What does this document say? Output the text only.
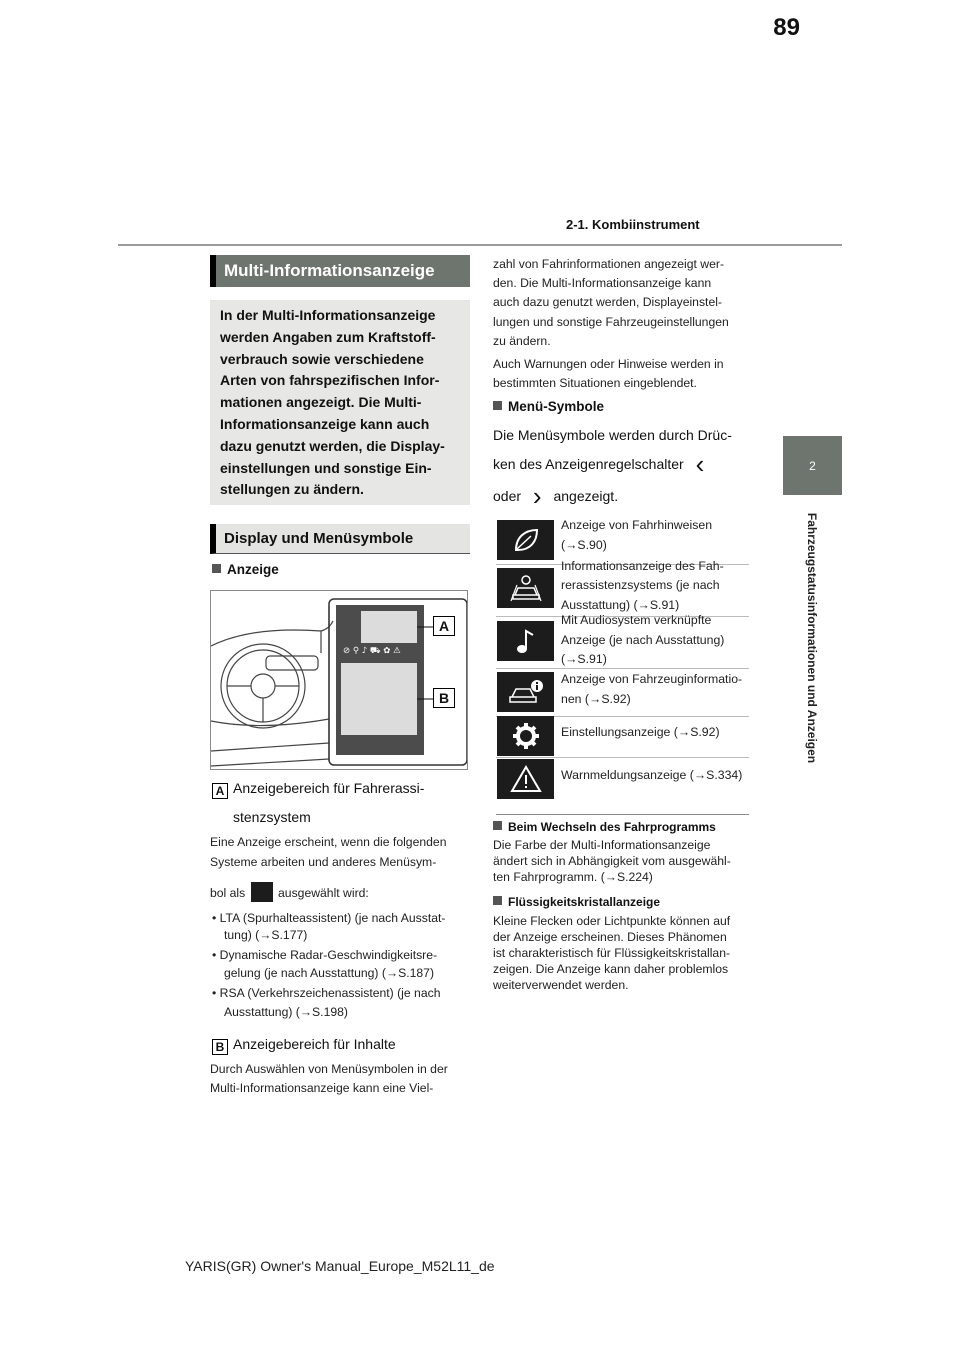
89
2-1. Kombiinstrument
2
Fahrzeugstatusinformationen und Anzeigen
Multi-Informationsanzeige
In der Multi-Informationsanzeige
werden Angaben zum Kraftstoff-
verbrauch sowie verschiedene
Arten von fahrspezifischen Infor-
mationen angezeigt. Die Multi-
Informationsanzeige kann auch
dazu genutzt werden, die Display-
einstellungen und sonstige Ein-
stellungen zu ändern.
Display und Menüsymbole
Anzeige
⊘ ⚲ ♪ ⛟ ✿ ⚠
A
B
A Anzeigebereich für Fahrerassi-
stenzsystem
Eine Anzeige erscheint, wenn die folgenden
Systeme arbeiten und anderes Menüsym-
bol als	ausgewählt wird:
• LTA (Spurhalteassistent) (je nach Ausstat-
tung) (→S.177)
• Dynamische Radar-Geschwindigkeitsre-
gelung (je nach Ausstattung) (→S.187)
• RSA (Verkehrszeichenassistent) (je nach
Ausstattung) (→S.198)
B Anzeigebereich für Inhalte
Durch Auswählen von Menüsymbolen in der
Multi-Informationsanzeige kann eine Viel-
zahl von Fahrinformationen angezeigt wer-
den. Die Multi-Informationsanzeige kann
auch dazu genutzt werden, Displayeinstel-
lungen und sonstige Fahrzeugeinstellungen
zu ändern.
Auch Warnungen oder Hinweise werden in
bestimmten Situationen eingeblendet.
Menü-Symbole
Die Menüsymbole werden durch Drüc-
ken des Anzeigenregelschalter ‹
oder › angezeigt.
Anzeige von Fahrhinweisen
(→S.90)
Informationsanzeige des Fah-
rerassistenzsystems (je nach
Ausstattung) (→S.91)
Mit Audiosystem verknüpfte
Anzeige (je nach Ausstattung)
(→S.91)
Anzeige von Fahrzeuginformatio-
nen (→S.92)
Einstellungsanzeige (→S.92)
Warnmeldungsanzeige (→S.334)
Beim Wechseln des Fahrprogramms
Die Farbe der Multi-Informationsanzeige
ändert sich in Abhängigkeit vom ausgewähl-
ten Fahrprogramm. (→S.224)
Flüssigkeitskristallanzeige
Kleine Flecken oder Lichtpunkte können auf
der Anzeige erscheinen. Dieses Phänomen
ist charakteristisch für Flüssigkeitskristallan-
zeigen. Die Anzeige kann daher problemlos
weiterverwendet werden.
YARIS(GR) Owner's Manual_Europe_M52L11_de
